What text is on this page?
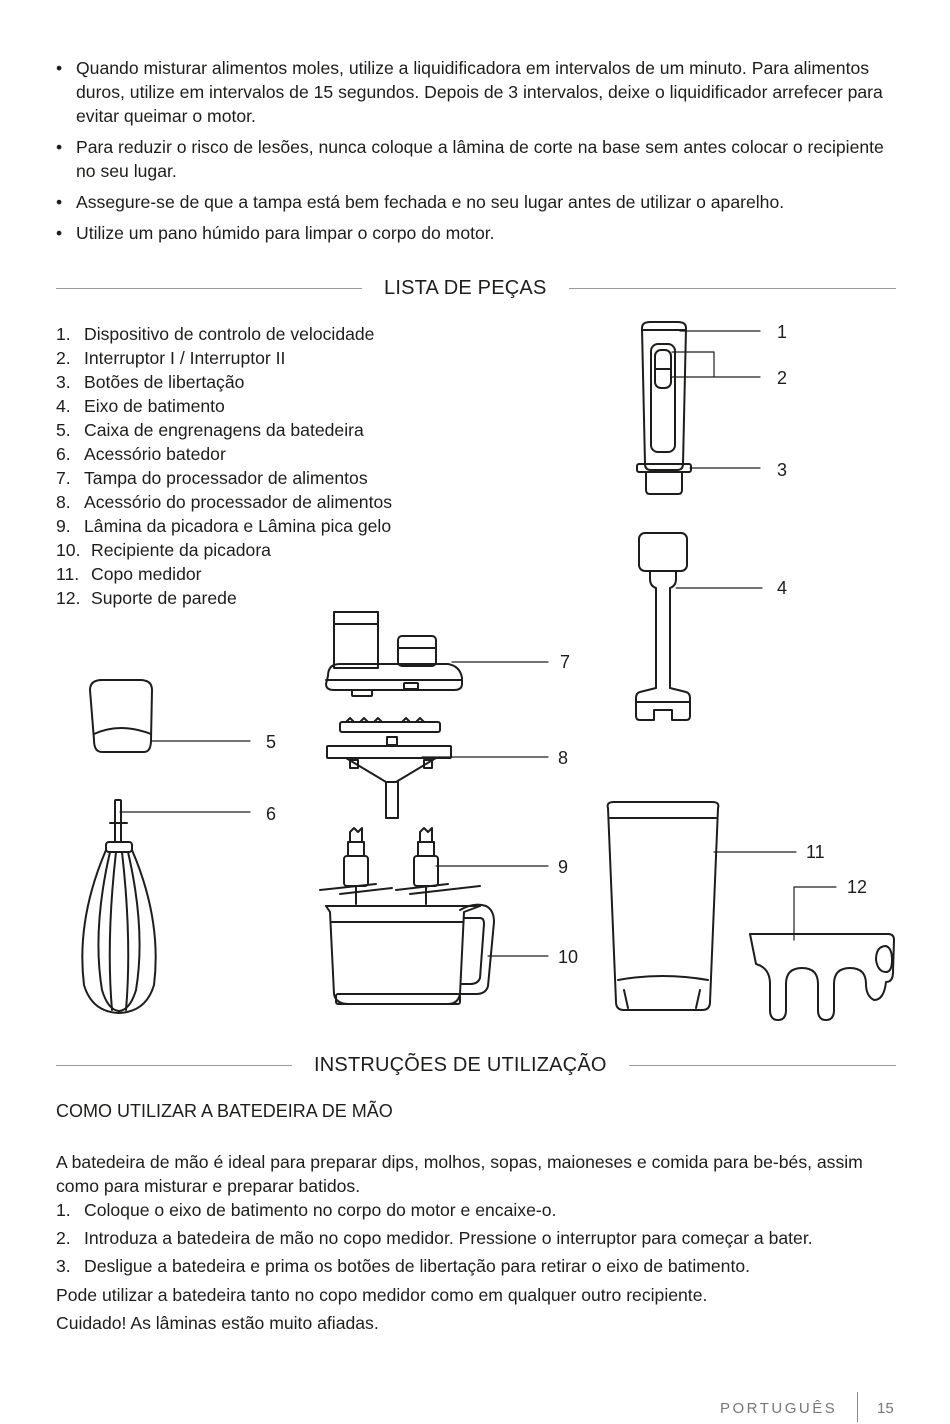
• Quando misturar alimentos moles, utilize a liquidificadora em intervalos de um minuto. Para alimentos duros, utilize em intervalos de 15 segundos. Depois de 3 intervalos, deixe o liquidificador arrefecer para evitar queimar o motor.
• Para reduzir o risco de lesões, nunca coloque a lâmina de corte na base sem antes colocar o recipiente no seu lugar.
• Assegure-se de que a tampa está bem fechada e no seu lugar antes de utilizar o aparelho.
• Utilize um pano húmido para limpar o corpo do motor.
LISTA DE PEÇAS
1. Dispositivo de controlo de velocidade
2. Interruptor I / Interruptor II
3. Botões de libertação
4. Eixo de batimento
5. Caixa de engrenagens da batedeira
6. Acessório batedor
7. Tampa do processador de alimentos
8. Acessório do processador de alimentos
9. Lâmina da picadora e Lâmina pica gelo
10. Recipiente da picadora
11. Copo medidor
12. Suporte de parede
1
2
3
4
5
6
7
8
9
10
11
12
INSTRUÇÕES DE UTILIZAÇÃO
COMO UTILIZAR A BATEDEIRA DE MÃO
A batedeira de mão é ideal para preparar dips, molhos, sopas, maioneses e comida para be-bés, assim como para misturar e preparar batidos.
1. Coloque o eixo de batimento no corpo do motor e encaixe-o.
2. Introduza a batedeira de mão no copo medidor. Pressione o interruptor para começar a bater.
3. Desligue a batedeira e prima os botões de libertação para retirar o eixo de batimento.
Pode utilizar a batedeira tanto no copo medidor como em qualquer outro recipiente.
Cuidado! As lâminas estão muito afiadas.
PORTUGUÊS	15
